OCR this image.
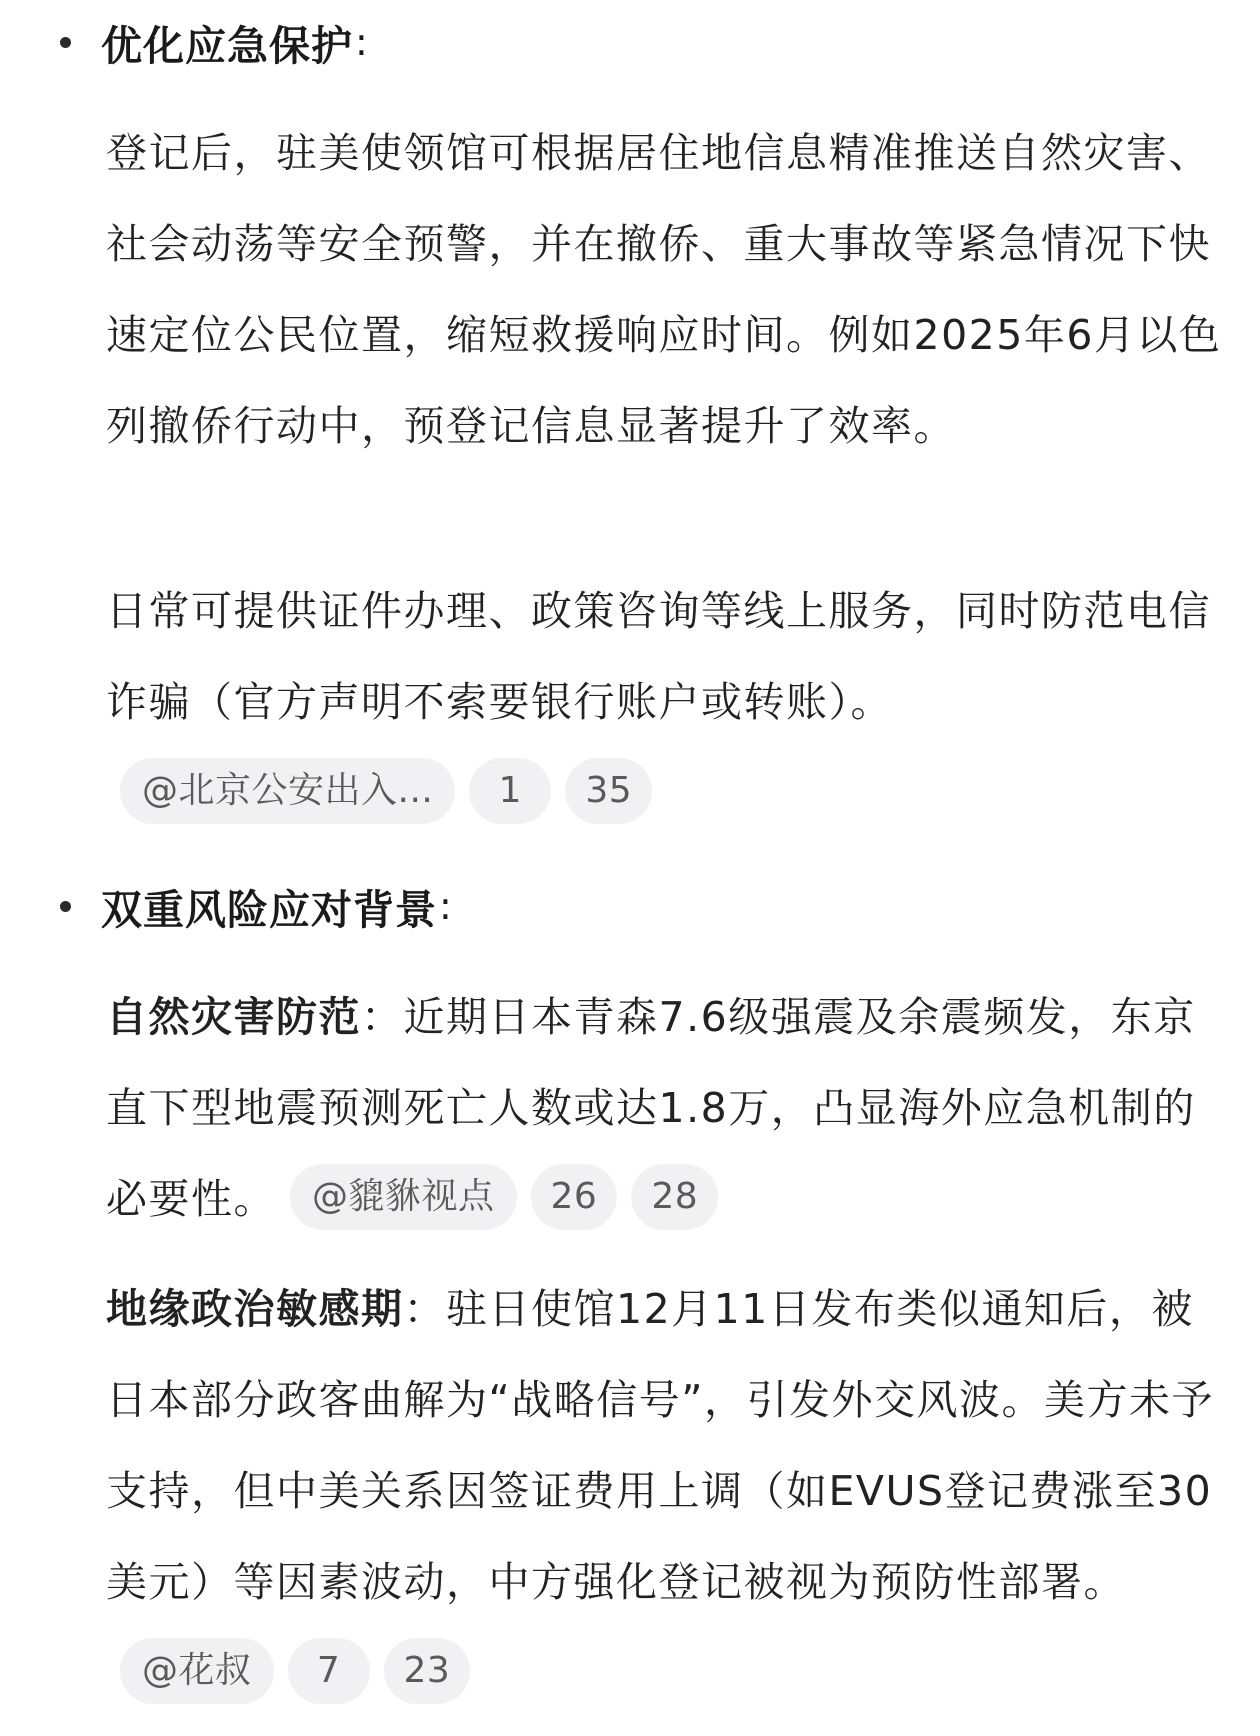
优化应急保护 :
登记后，驻美使领馆可根据居住地信息精准推送自然灾害、社会动荡等安全预警，并在撤侨、重大事故等紧急情况下快速定位公民位置，缩短救援响应时间。例如2025年6月以色列撤侨行动中，预登记信息显著提升了效率。
日常可提供证件办理、政策咨询等线上服务，同时防范电信诈骗（官方声明不索要银行账户或转账）。@北京公安出入... 1 35
双重风险应对背景 :
自然灾害防范：近期日本青森7.6级强震及余震频发，东京直下型地震预测死亡人数或达1.8万，凸显海外应急机制的必要性。 @貔貅视点 26 28
地缘政治敏感期：驻日使馆12月11日发布类似通知后，被日本部分政客曲解为“战略信号”，引发外交风波。美方未予支持，但中美关系因签证费用上调（如EVUS登记费涨至30美元）等因素波动，中方强化登记被视为预防性部署。@花叔 7 23
